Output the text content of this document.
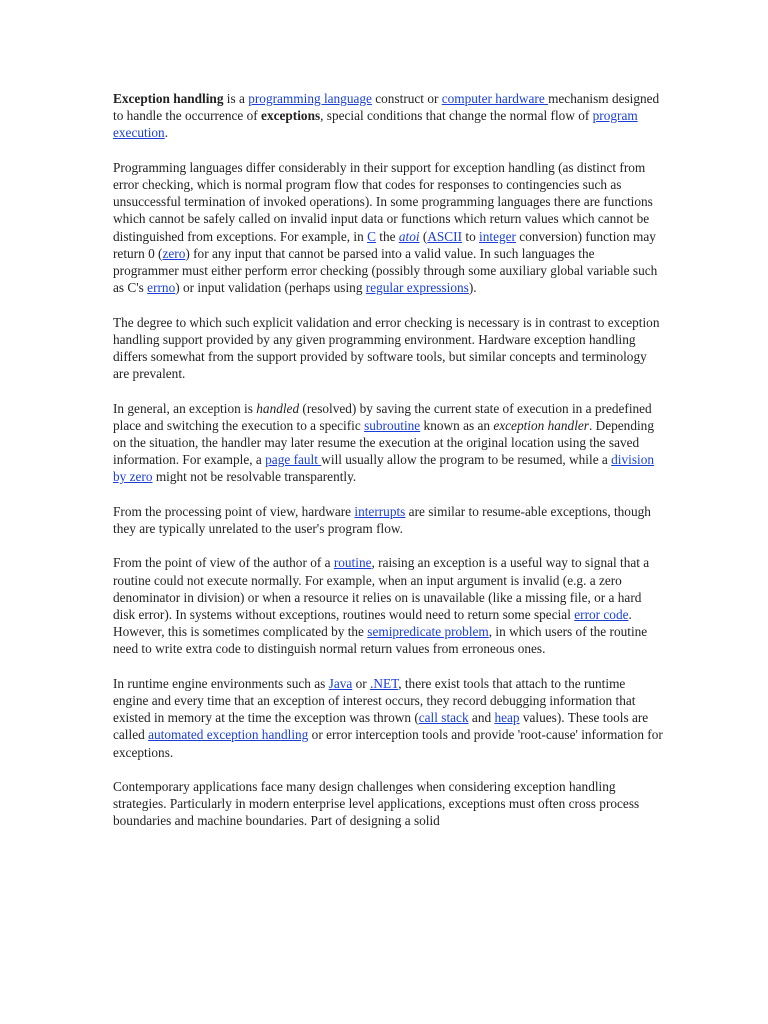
Exception handling is a programming language construct or computer hardware mechanism designed to handle the occurrence of exceptions, special conditions that change the normal flow of program execution.

Programming languages differ considerably in their support for exception handling (as distinct from error checking, which is normal program flow that codes for responses to contingencies such as unsuccessful termination of invoked operations). In some programming languages there are functions which cannot be safely called on invalid input data or functions which return values which cannot be distinguished from exceptions. For example, in C the atoi (ASCII to integer conversion) function may return 0 (zero) for any input that cannot be parsed into a valid value. In such languages the programmer must either perform error checking (possibly through some auxiliary global variable such as C's errno) or input validation (perhaps using regular expressions).

The degree to which such explicit validation and error checking is necessary is in contrast to exception handling support provided by any given programming environment. Hardware exception handling differs somewhat from the support provided by software tools, but similar concepts and terminology are prevalent.

In general, an exception is handled (resolved) by saving the current state of execution in a predefined place and switching the execution to a specific subroutine known as an exception handler. Depending on the situation, the handler may later resume the execution at the original location using the saved information. For example, a page fault will usually allow the program to be resumed, while a division by zero might not be resolvable transparently.

From the processing point of view, hardware interrupts are similar to resume-able exceptions, though they are typically unrelated to the user's program flow.

From the point of view of the author of a routine, raising an exception is a useful way to signal that a routine could not execute normally. For example, when an input argument is invalid (e.g. a zero denominator in division) or when a resource it relies on is unavailable (like a missing file, or a hard disk error). In systems without exceptions, routines would need to return some special error code. However, this is sometimes complicated by the semipredicate problem, in which users of the routine need to write extra code to distinguish normal return values from erroneous ones.

In runtime engine environments such as Java or .NET, there exist tools that attach to the runtime engine and every time that an exception of interest occurs, they record debugging information that existed in memory at the time the exception was thrown (call stack and heap values). These tools are called automated exception handling or error interception tools and provide 'root-cause' information for exceptions.

Contemporary applications face many design challenges when considering exception handling strategies. Particularly in modern enterprise level applications, exceptions must often cross process boundaries and machine boundaries. Part of designing a solid
